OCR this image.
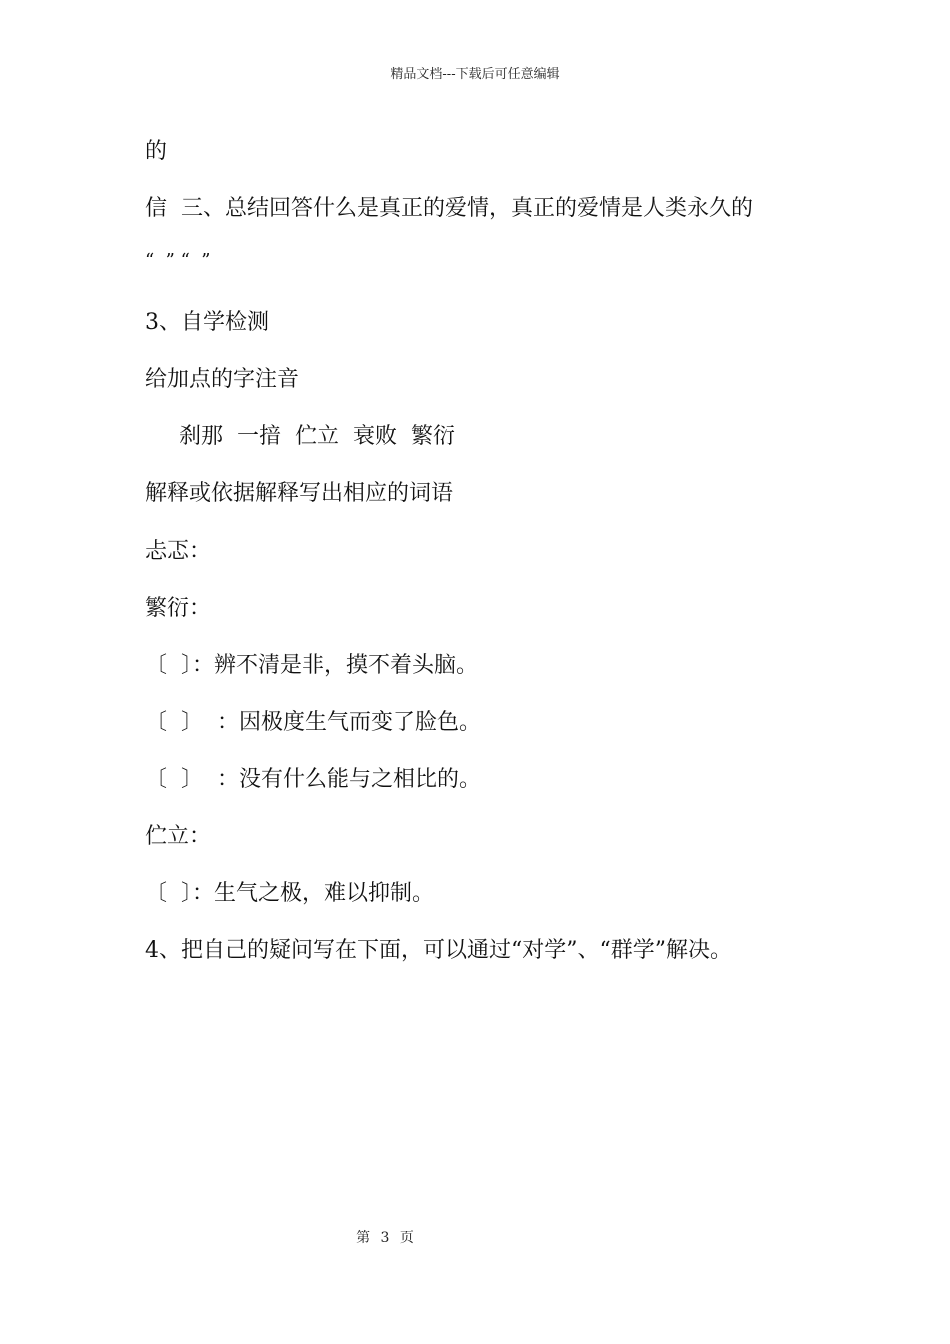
精品文档---下载后可任意编辑
的
信  三、总结回答什么是真正的爱情，真正的爱情是人类永久的
“  ” “  ”
3、自学检测
给加点的字注音
刹那  一揞  伫立  衰败  繁衍
解释或依据解释写出相应的词语
忐忑：
繁衍：
〔  〕：辨不清是非，摸不着头脑。
〔  〕  ：因极度生气而变了脸色。
〔  〕  ：没有什么能与之相比的。
伫立：
〔  〕：生气之极，难以抑制。
4、把自己的疑问写在下面，可以通过“对学”、“群学”解决。
第 3 页
